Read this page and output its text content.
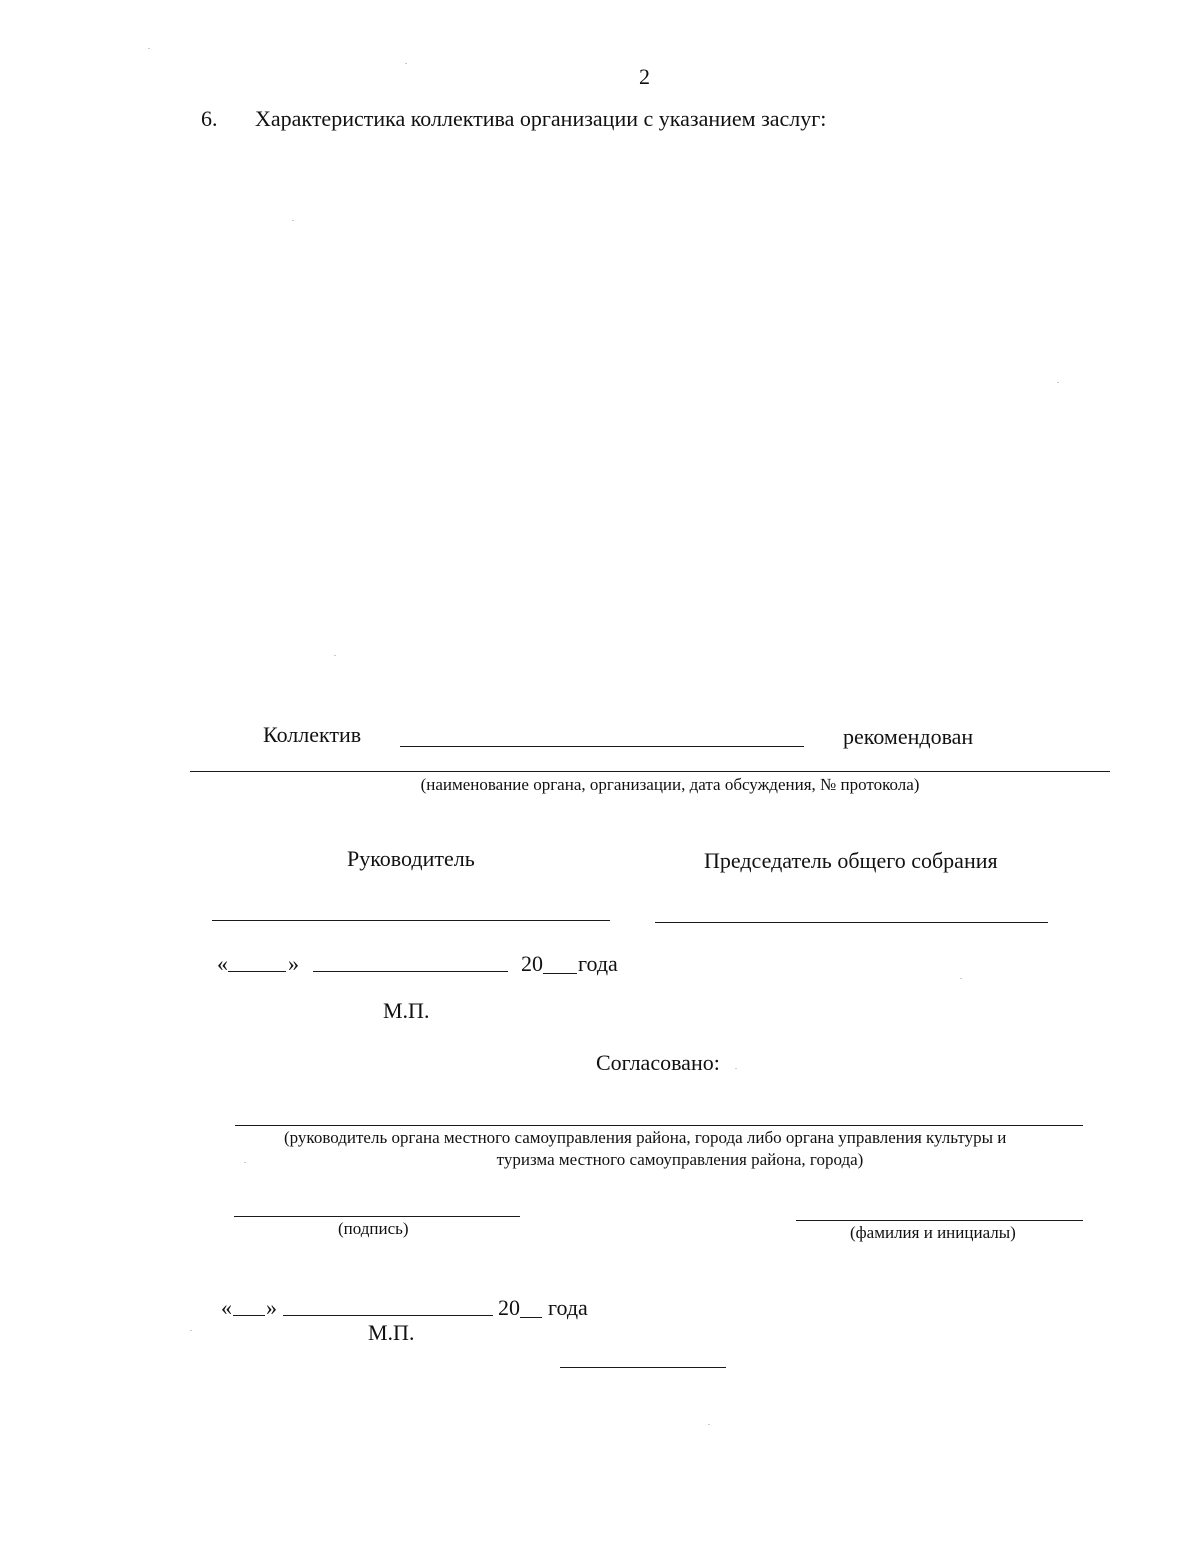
2
6. Характеристика коллектива организации с указанием заслуг:
Коллектив	рекомендован
(наименование органа, организации, дата обсуждения, № протокола)
Руководитель	Председатель общего собрания
«	»	20 года
М.П.
Согласовано:
(руководитель органа местного самоуправления района, города либо органа управления культуры и
туризма местного самоуправления района, города)
(подпись)	(фамилия и инициалы)
« »	20 года
М.П.
